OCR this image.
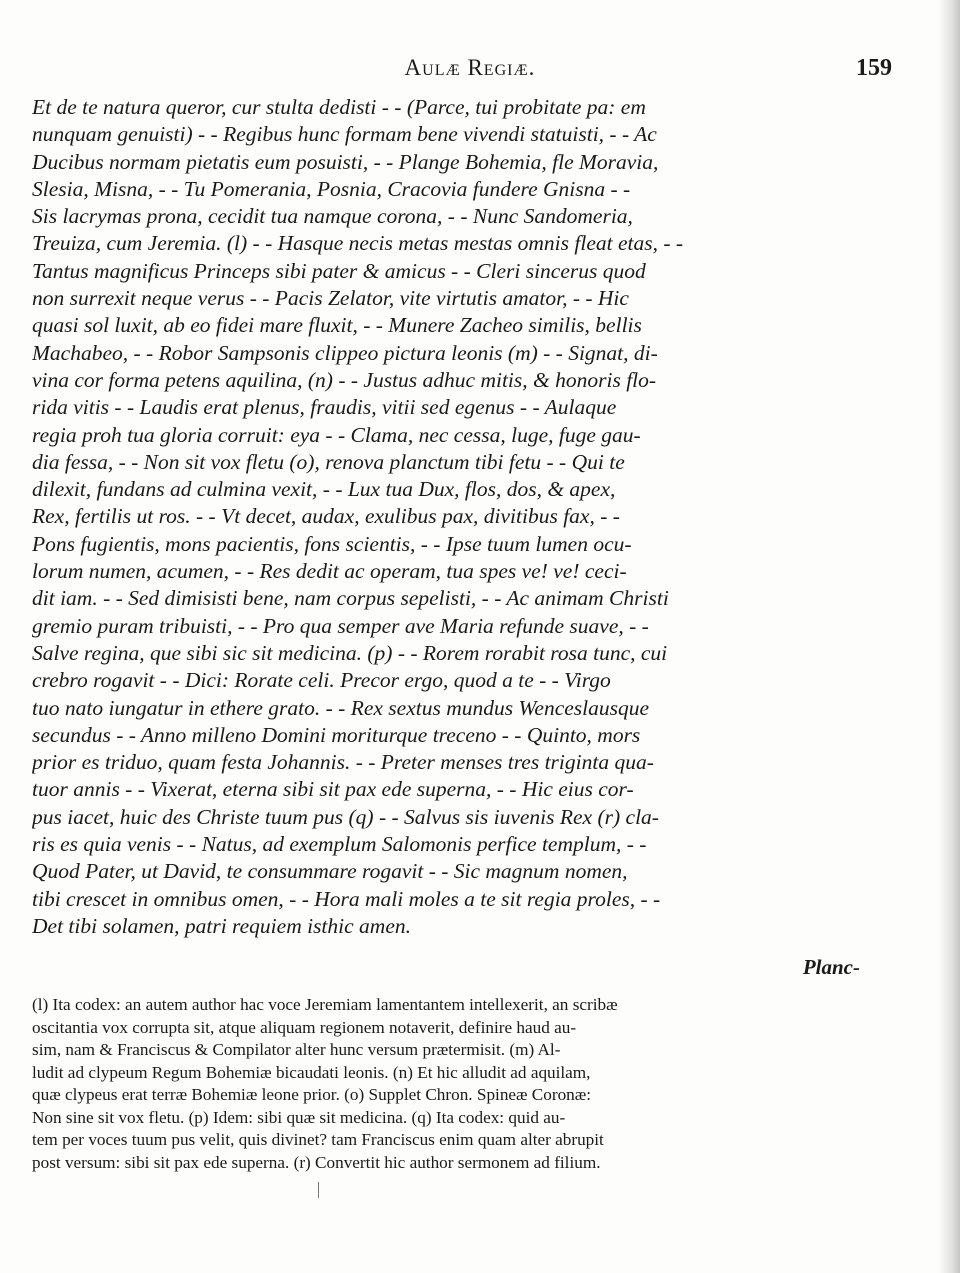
Aulæ Regiæ.	159
Et de te natura queror, cur stulta dedisti - - (Parce, tui probitate pa: em
nunquam genuisti) - - Regibus hunc formam bene vivendi statuisti, - - Ac
Ducibus normam pietatis eum posuisti, - - Plange Bohemia, fle Moravia,
Slesia, Misna, - - Tu Pomerania, Posnia, Cracovia fundere Gnisna - -
Sis lacrymas prona, cecidit tua namque corona, - - Nunc Sandomeria,
Treuiza, cum Jeremia. (l) - - Hasque necis metas mestas omnis fleat etas, - -
Tantus magnificus Princeps sibi pater & amicus - - Cleri sincerus quod
non surrexit neque verus - - Pacis Zelator, vite virtutis amator, - - Hic
quasi sol luxit, ab eo fidei mare fluxit, - - Munere Zacheo similis, bellis
Machabeo, - - Robor Sampsonis clippeo pictura leonis (m) - - Signat, di-
vina cor forma petens aquilina, (n) - - Justus adhuc mitis, & honoris flo-
rida vitis - - Laudis erat plenus, fraudis, vitii sed egenus - - Aulaque
regia proh tua gloria corruit: eya - - Clama, nec cessa, luge, fuge gau-
dia fessa, - - Non sit vox fletu (o), renova planctum tibi fetu - - Qui te
dilexit, fundans ad culmina vexit, - - Lux tua Dux, flos, dos, & apex,
Rex, fertilis ut ros. - - Vt decet, audax, exulibus pax, divitibus fax, - -
Pons fugientis, mons pacientis, fons scientis, - - Ipse tuum lumen ocu-
lorum numen, acumen, - - Res dedit ac operam, tua spes ve! ve! ceci-
dit iam. - - Sed dimisisti bene, nam corpus sepelisti, - - Ac animam Christi
gremio puram tribuisti, - - Pro qua semper ave Maria refunde suave, - -
Salve regina, que sibi sic sit medicina. (p) - - Rorem rorabit rosa tunc, cui
crebro rogavit - - Dici: Rorate celi. Precor ergo, quod a te - - Virgo
tuo nato iungatur in ethere grato. - - Rex sextus mundus Wenceslausque
secundus - - Anno milleno Domini moriturque treceno - - Quinto, mors
prior es triduo, quam festa Johannis. - - Preter menses tres triginta qua-
tuor annis - - Vixerat, eterna sibi sit pax ede superna, - - Hic eius cor-
pus iacet, huic des Christe tuum pus (q) - - Salvus sis iuvenis Rex (r) cla-
ris es quia venis - - Natus, ad exemplum Salomonis perfice templum, - -
Quod Pater, ut David, te consummare rogavit - - Sic magnum nomen,
tibi crescet in omnibus omen, - - Hora mali moles a te sit regia proles, - -
Det tibi solamen, patri requiem isthic amen.
Planc-
(l) Ita codex: an autem author hac voce Jeremiam lamentantem intellexerit, an scribæ
oscitantia vox corrupta sit, atque aliquam regionem notaverit, definire haud au-
sim, nam & Franciscus & Compilator alter hunc versum prætermisit. (m) Al-
ludit ad clypeum Regum Bohemiæ bicaudati leonis. (n) Et hic alludit ad aquilam,
quæ clypeus erat terræ Bohemiæ leone prior. (o) Supplet Chron. Spineæ Coronæ:
Non sine sit vox fletu. (p) Idem: sibi quæ sit medicina. (q) Ita codex: quid au-
tem per voces tuum pus velit, quis divinet? tam Franciscus enim quam alter abrupit
post versum: sibi sit pax ede superna. (r) Convertit hic author sermonem ad filium.
